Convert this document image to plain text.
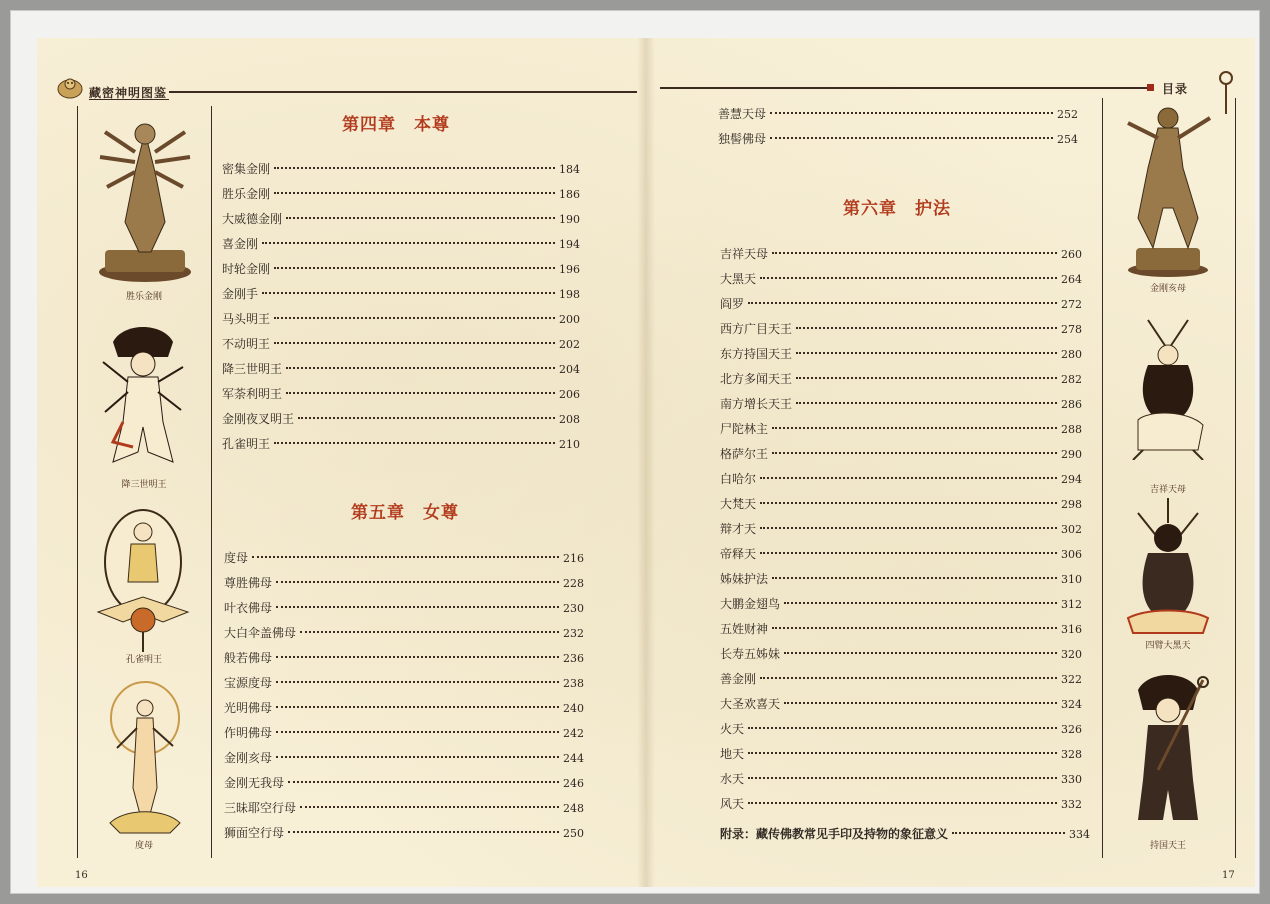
藏密神明图鉴
胜乐金刚
降三世明王
孔雀明王
度母
第四章 本尊
密集金刚	184
胜乐金刚	186
大威德金刚	190
喜金刚	194
时轮金刚	196
金刚手	198
马头明王	200
不动明王	202
降三世明王	204
军荼利明王	206
金刚夜叉明王	208
孔雀明王	210
第五章 女尊
度母	216
尊胜佛母	228
叶衣佛母	230
大白伞盖佛母	232
般若佛母	236
宝源度母	238
光明佛母	240
作明佛母	242
金刚亥母	244
金刚无我母	246
三昧耶空行母	248
狮面空行母	250
16
目录
善慧天母	252
独髻佛母	254
第六章 护法
吉祥天母	260
大黑天	264
阎罗	272
西方广目天王	278
东方持国天王	280
北方多闻天王	282
南方增长天王	286
尸陀林主	288
格萨尔王	290
白哈尔	294
大梵天	298
辩才天	302
帝释天	306
姊妹护法	310
大鹏金翅鸟	312
五姓财神	316
长寿五姊妹	320
善金刚	322
大圣欢喜天	324
火天	326
地天	328
水天	330
风天	332
附录：藏传佛教常见手印及持物的象征意义	334
金刚亥母
吉祥天母
四臂大黑天
持国天王
17
